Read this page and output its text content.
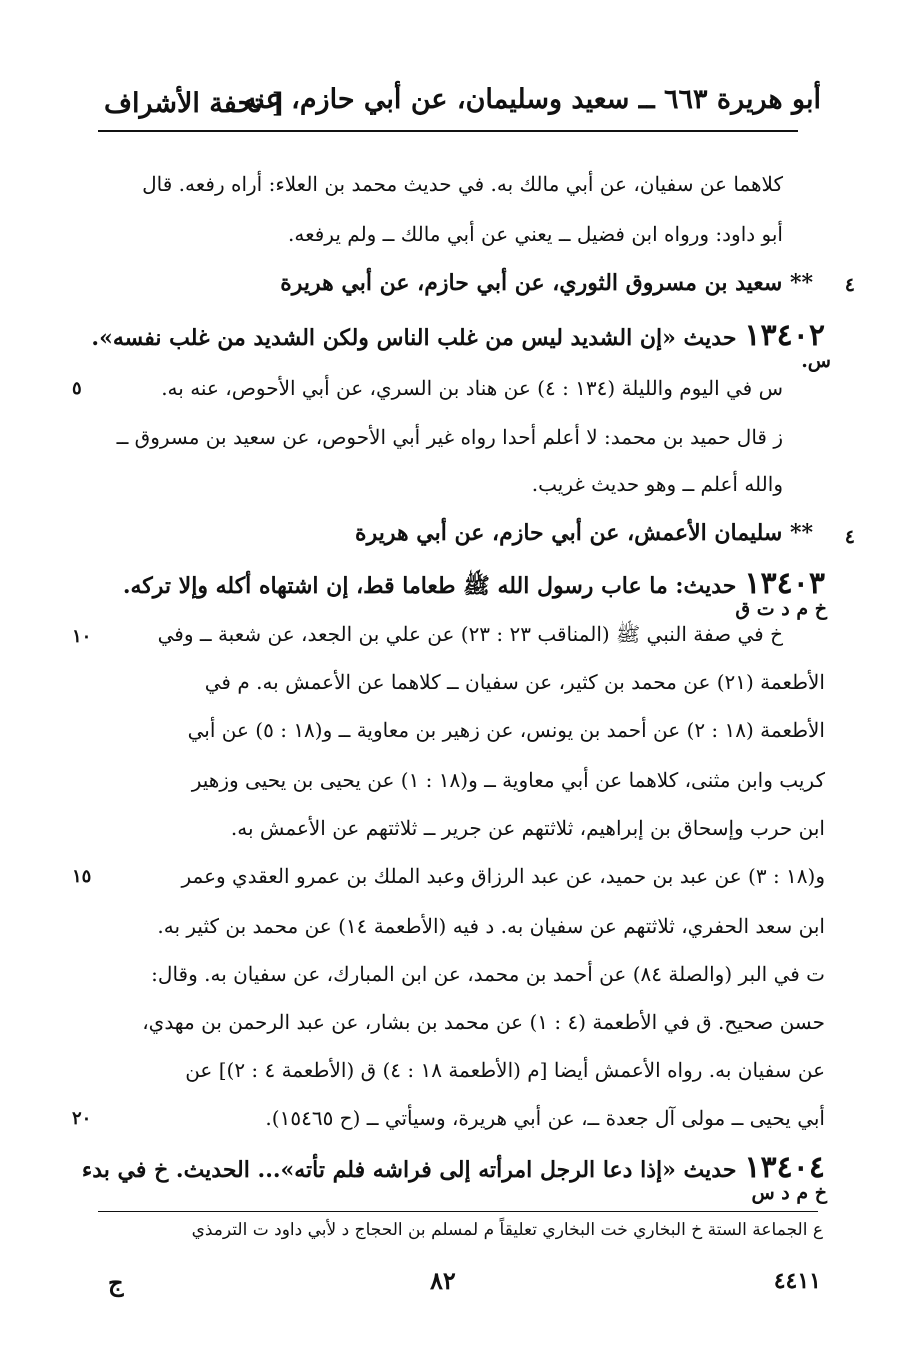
أبو هريرة ٦٦٣ ــ سعيد وسليمان، عن أبي حازم، عنه
[ تحفة الأشراف
كلاهما عن سفيان، عن أبي مالك به. في حديث محمد بن العلاء: أراه رفعه. قال
أبو داود: ورواه ابن فضيل ــ يعني عن أبي مالك ــ ولم يرفعه.
٤
** سعيد بن مسروق الثوري، عن أبي حازم، عن أبي هريرة
١٣٤٠٢حديث «إن الشديد ليس من غلب الناس ولكن الشديد من غلب نفسه».
س.
س في اليوم والليلة (١٣٤ : ٤) عن هناد بن السري، عن أبي الأحوص، عنه به.
٥
ز قال حميد بن محمد: لا أعلم أحدا رواه غير أبي الأحوص، عن سعيد بن مسروق ــ
والله أعلم ــ وهو حديث غريب.
٤
** سليمان الأعمش، عن أبي حازم، عن أبي هريرة
١٣٤٠٣حديث: ما عاب رسول الله ﷺ طعاما قط، إن اشتهاه أكله وإلا تركه.
خ م د ت ق
خ في صفة النبي ﷺ (المناقب ٢٣ : ٢٣) عن علي بن الجعد، عن شعبة ــ وفي
١٠
الأطعمة (٢١) عن محمد بن كثير، عن سفيان ــ كلاهما عن الأعمش به. م في
الأطعمة (١٨ : ٢) عن أحمد بن يونس، عن زهير بن معاوية ــ و(١٨ : ٥) عن أبي
كريب وابن مثنى، كلاهما عن أبي معاوية ــ و(١٨ : ١) عن يحيى بن يحيى وزهير
ابن حرب وإسحاق بن إبراهيم، ثلاثتهم عن جرير ــ ثلاثتهم عن الأعمش به.
و(١٨ : ٣) عن عبد بن حميد، عن عبد الرزاق وعبد الملك بن عمرو العقدي وعمر
١٥
ابن سعد الحفري، ثلاثتهم عن سفيان به. د فيه (الأطعمة ١٤) عن محمد بن كثير به.
ت في البر (والصلة ٨٤) عن أحمد بن محمد، عن ابن المبارك، عن سفيان به. وقال:
حسن صحيح. ق في الأطعمة (٤ : ١) عن محمد بن بشار، عن عبد الرحمن بن مهدي،
عن سفيان به. رواه الأعمش أيضا [م (الأطعمة ١٨ : ٤) ق (الأطعمة ٤ : ٢)] عن
أبي يحيى ــ مولى آل جعدة ــ، عن أبي هريرة، وسيأتي ــ (ح ١٥٤٦٥).
٢٠
١٣٤٠٤حديث «إذا دعا الرجل امرأته إلى فراشه فلم تأته»... الحديث. خ في بدء
خ م د س
ع الجماعة الستة خ البخاري خت البخاري تعليقاً م لمسلم بن الحجاج د لأبي داود ت الترمذي
٤٤١١
٨٢
ج
